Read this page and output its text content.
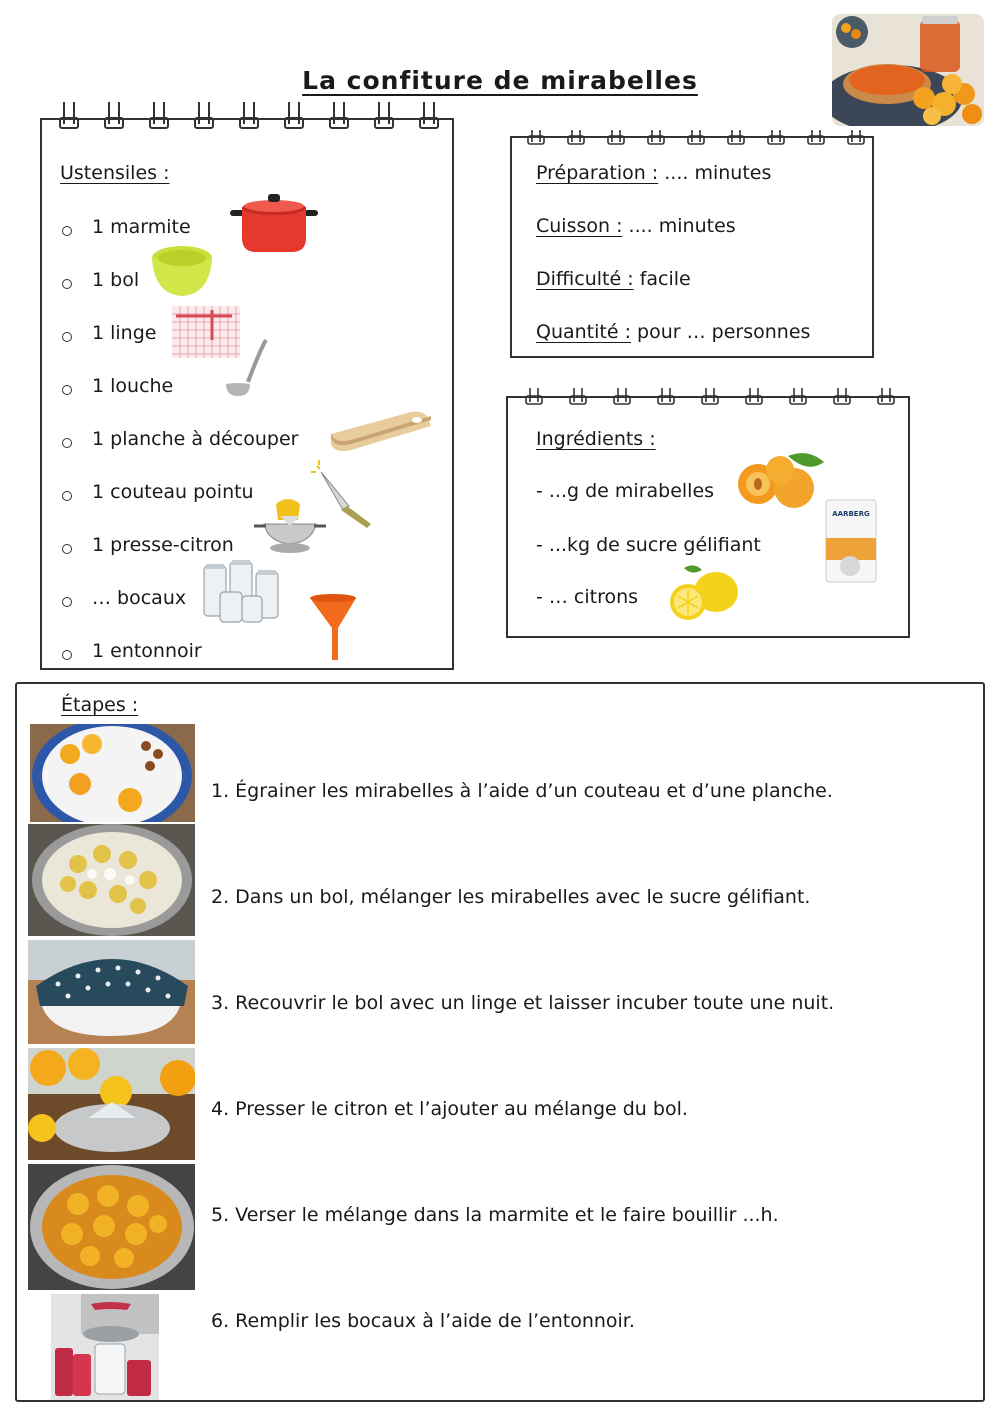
La confiture de mirabelles
Ustensiles :
1 marmite
1 bol
1 linge
1 louche
1 planche à découper
1 couteau pointu
1 presse-citron
… bocaux
1 entonnoir
Préparation : .... minutes
Cuisson : .... minutes
Difficulté : facile
Quantité : pour … personnes
Ingrédients :
- ...g de mirabelles
- ...kg de sucre gélifiant
- … citrons
AARBERG
Étapes :
1. Égrainer les mirabelles à l’aide d’un couteau et d’une planche.
2. Dans un bol, mélanger les mirabelles avec le sucre gélifiant.
3. Recouvrir le bol avec un linge et laisser incuber toute une nuit.
4. Presser le citron et l’ajouter au mélange du bol.
5. Verser le mélange dans la marmite et le faire bouillir ...h.
6. Remplir les bocaux à l’aide de l’entonnoir.
